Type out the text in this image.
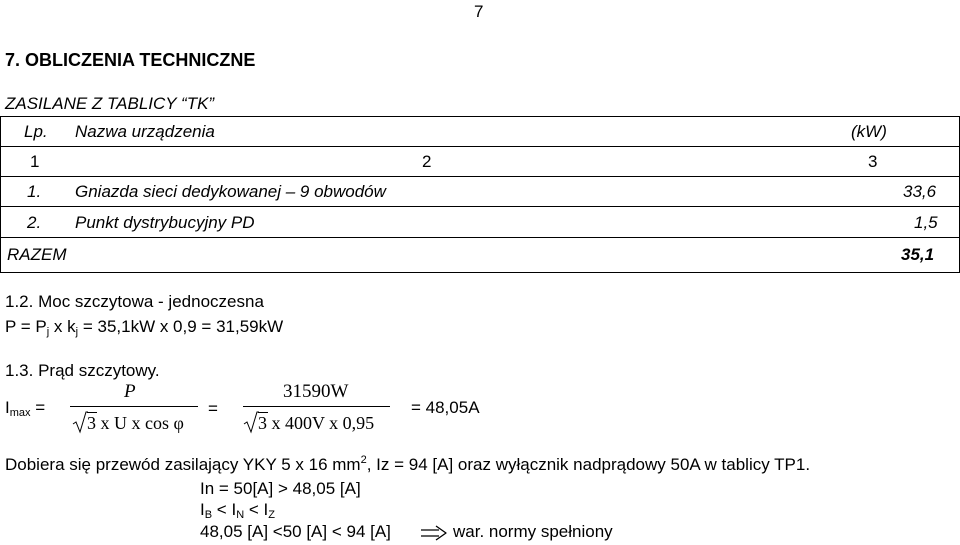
7
7. OBLICZENIA TECHNICZNE
ZASILANE Z TABLICY “TK”
Lp. Nazwa urządzenia	(kW)
1	2	3
1. Gniazda sieci dedykowanej – 9 obwodów	33,6
2. Punkt dystrybucyjny PD	1,5
RAZEM	35,1
1.2. Moc szczytowa - jednoczesna
$P = P_j$ x $k_j = 35,1kW$ x 0,9 = 31,59kW
1.3. Prąd szczytowy.
$I_{max}$ =
P
3 x U x cos φ
=
31590W
3 x 400V x 0,95
= 48,05A
Dobiera się przewód zasilający YKY 5 x 16 $mm^2$, Iz = 94 [A] oraz wyłącznik nadprądowy 50A w tablicy TP1.
In = 50[A] > 48,05 [A]
$I_B < I_N < I_Z$
48,05 [A] <50 [A] < 94 [A]	war. normy spełniony
